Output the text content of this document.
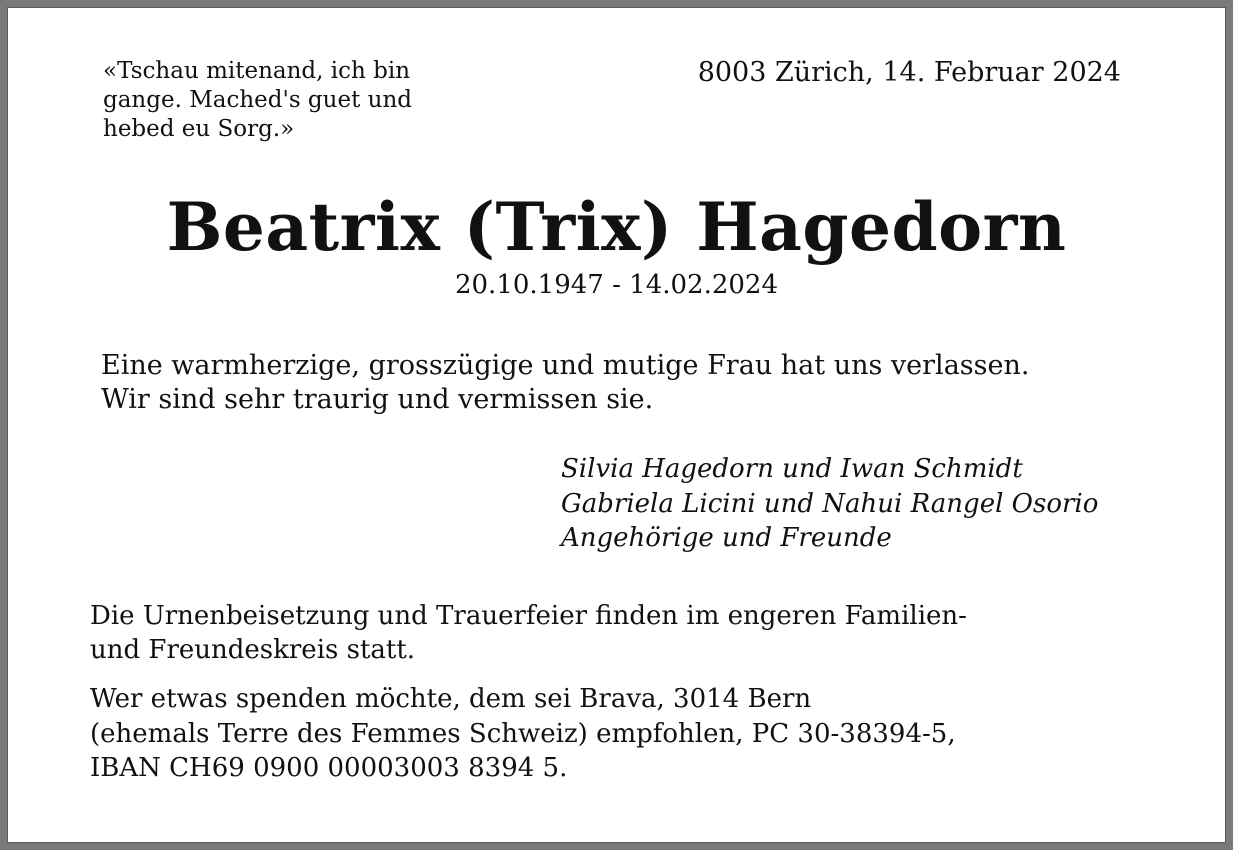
«Tschau mitenand, ich bin
gange. Mached's guet und
hebed eu Sorg.»
8003 Zürich, 14. Februar 2024
Beatrix (Trix) Hagedorn
20.10.1947 - 14.02.2024
Eine warmherzige, grosszügige und mutige Frau hat uns verlassen.
Wir sind sehr traurig und vermissen sie.
Silvia Hagedorn und Iwan Schmidt
Gabriela Licini und Nahui Rangel Osorio
Angehörige und Freunde
Die Urnenbeisetzung und Trauerfeier finden im engeren Familien-
und Freundeskreis statt.
Wer etwas spenden möchte, dem sei Brava, 3014 Bern
(ehemals Terre des Femmes Schweiz) empfohlen, PC 30-38394-5,
IBAN CH69 0900 00003003 8394 5.
